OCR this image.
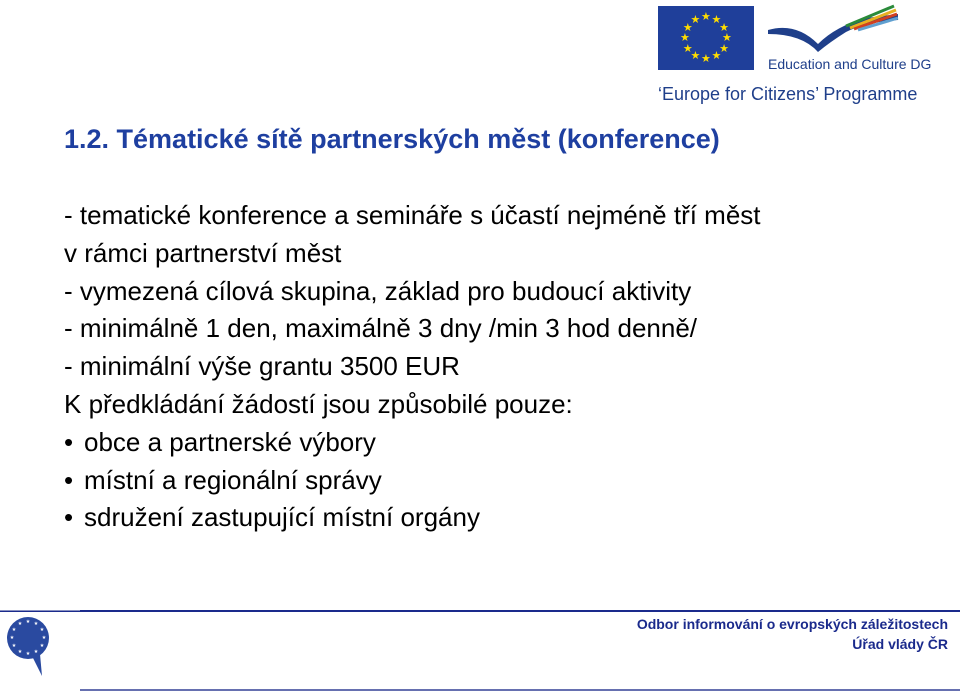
★ ★
★
★
★
★
★
★
★
★
★
★
Education and Culture DG
‘Europe for Citizens’ Programme
1.2. Tématické sítě partnerských měst (konference)
- tematické konference a semináře s účastí nejméně tří měst
v rámci partnerství měst
- vymezená cílová skupina, základ pro budoucí aktivity
- minimálně 1 den, maximálně 3 dny /min 3 hod denně/
- minimální výše grantu 3500 EUR
K předkládání žádostí jsou způsobilé pouze:
• obce a partnerské výbory
• místní a regionální správy
• sdružení zastupující místní orgány
★ ★
★
★
★
★
★
★
★
★
★
★	Odbor informování o evropských záležitostech
Úřad vlády ČR
